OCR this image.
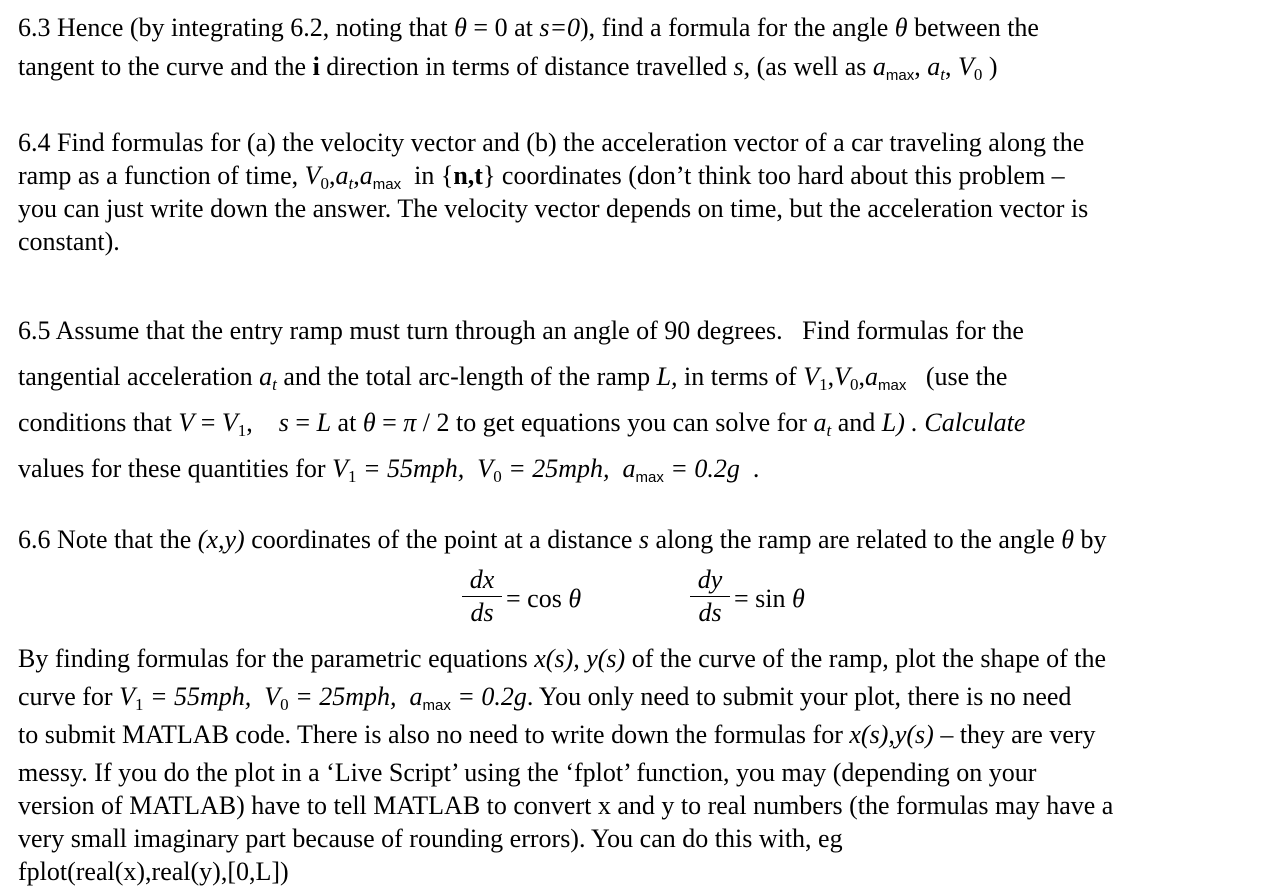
6.3 Hence (by integrating 6.2, noting that θ = 0 at s=0), find a formula for the angle θ between the
tangent to the curve and the i direction in terms of distance travelled s, (as well as $a_{max}$, $a_t$, $V_0$ )
6.4 Find formulas for (a) the velocity vector and (b) the acceleration vector of a car traveling along the
ramp as a function of time, $V_0,a_t,a_{max}$ in {n,t} coordinates (don’t think too hard about this problem –
you can just write down the answer. The velocity vector depends on time, but the acceleration vector is
constant).
6.5 Assume that the entry ramp must turn through an angle of 90 degrees. Find formulas for the
tangential acceleration $a_t$ and the total arc-length of the ramp L, in terms of $V_1,V_0,a_{max}$ (use the
conditions that $V = V_1$,    s = L at θ = π / 2 to get equations you can solve for $a_t$ and L) . Calculate
values for these quantities for $V_1 = 55mph$, $V_0 = 25mph$, $a_{max} = 0.2g$ .
6.6 Note that the (x,y) coordinates of the point at a distance s along the ramp are related to the angle θ by
dx
ds = cos θ
dy
ds = sin θ
By finding formulas for the parametric equations x(s), y(s) of the curve of the ramp, plot the shape of the
curve for $V_1 = 55mph$, $V_0 = 25mph$, $a_{max} = 0.2g$. You only need to submit your plot, there is no need
to submit MATLAB code. There is also no need to write down the formulas for x(s),y(s) – they are very
messy. If you do the plot in a ‘Live Script’ using the ‘fplot’ function, you may (depending on your
version of MATLAB) have to tell MATLAB to convert x and y to real numbers (the formulas may have a
very small imaginary part because of rounding errors). You can do this with, eg
fplot(real(x),real(y),[0,L])
